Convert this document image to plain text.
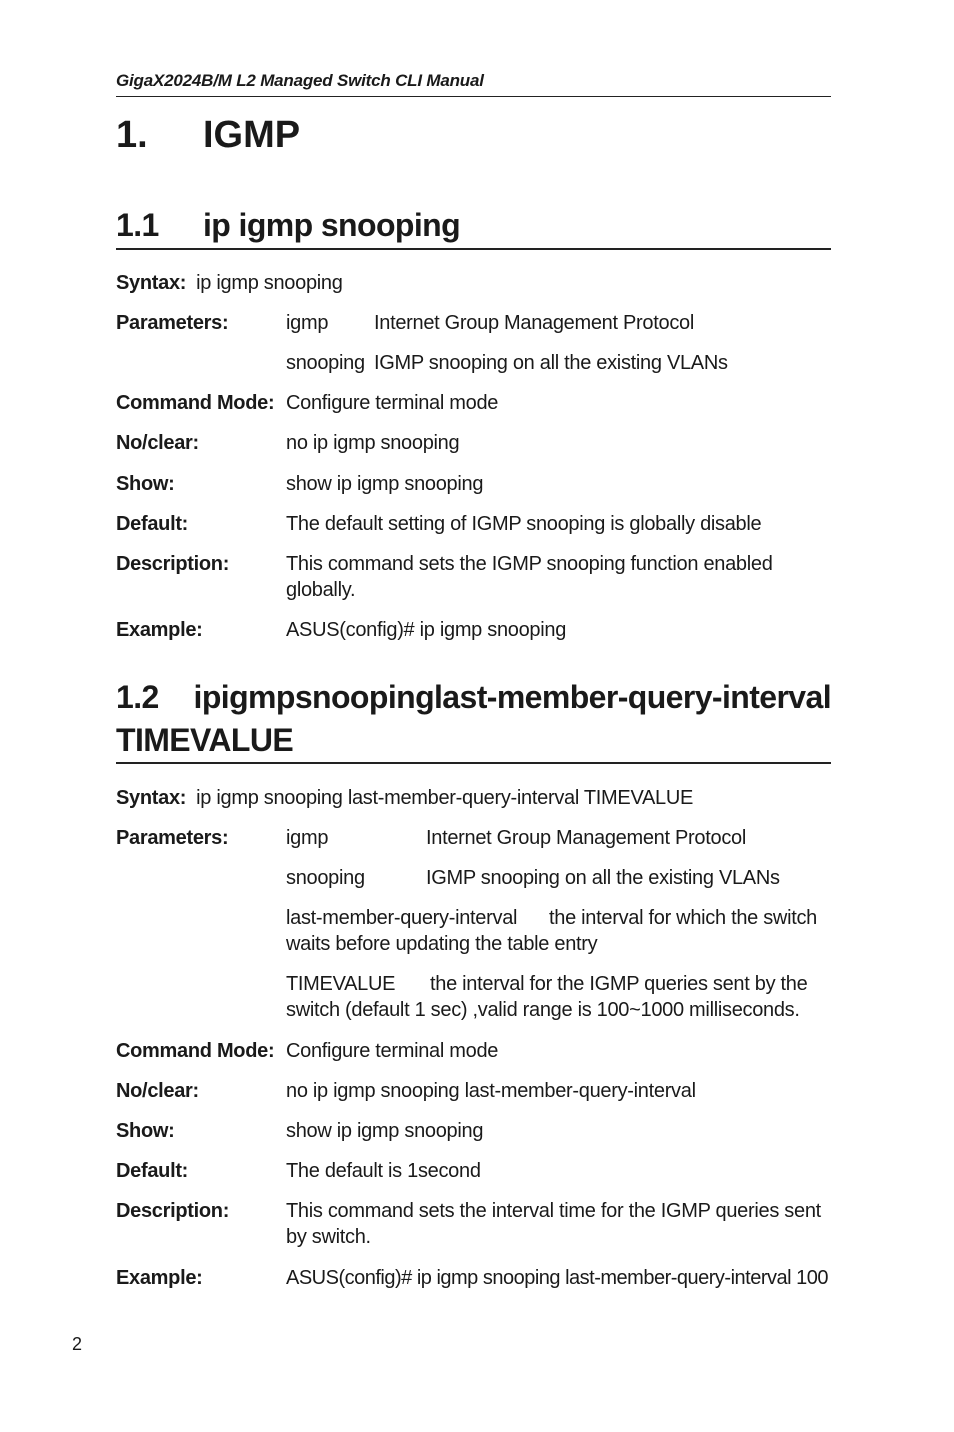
GigaX2024B/M L2 Managed Switch CLI Manual
1. IGMP
1.1 ip igmp snooping
Syntax: ip igmp snooping
Parameters:	igmp Internet Group Management Protocol
snooping IGMP snooping on all the existing VLANs
Command Mode: Configure terminal mode
No/clear:	no ip igmp snooping
Show:	show ip igmp snooping
Default:	The default setting of IGMP snooping is globally disable
Description:	This command sets the IGMP snooping function enabled globally.
Example:	ASUS(config)# ip igmp snooping
1.2	ip igmp snooping last-member-query-interval
TIMEVALUE
Syntax: ip igmp snooping last-member-query-interval TIMEVALUE
Parameters:	igmp	Internet Group Management Protocol
snooping	IGMP snooping on all the existing VLANs
last-member-query-interval the interval for which the switch
waits before updating the table entry
TIMEVALUE the interval for the IGMP queries sent by the
switch (default 1 sec) ,valid range is 100~1000 milliseconds.
Command Mode: Configure terminal mode
No/clear:	no ip igmp snooping last-member-query-interval
Show:	show ip igmp snooping
Default:	The default is 1second
Description:	This command sets the interval time for the IGMP queries sent by switch.
Example:	ASUS(config)# ip igmp snooping last-member-query-interval 100
2
